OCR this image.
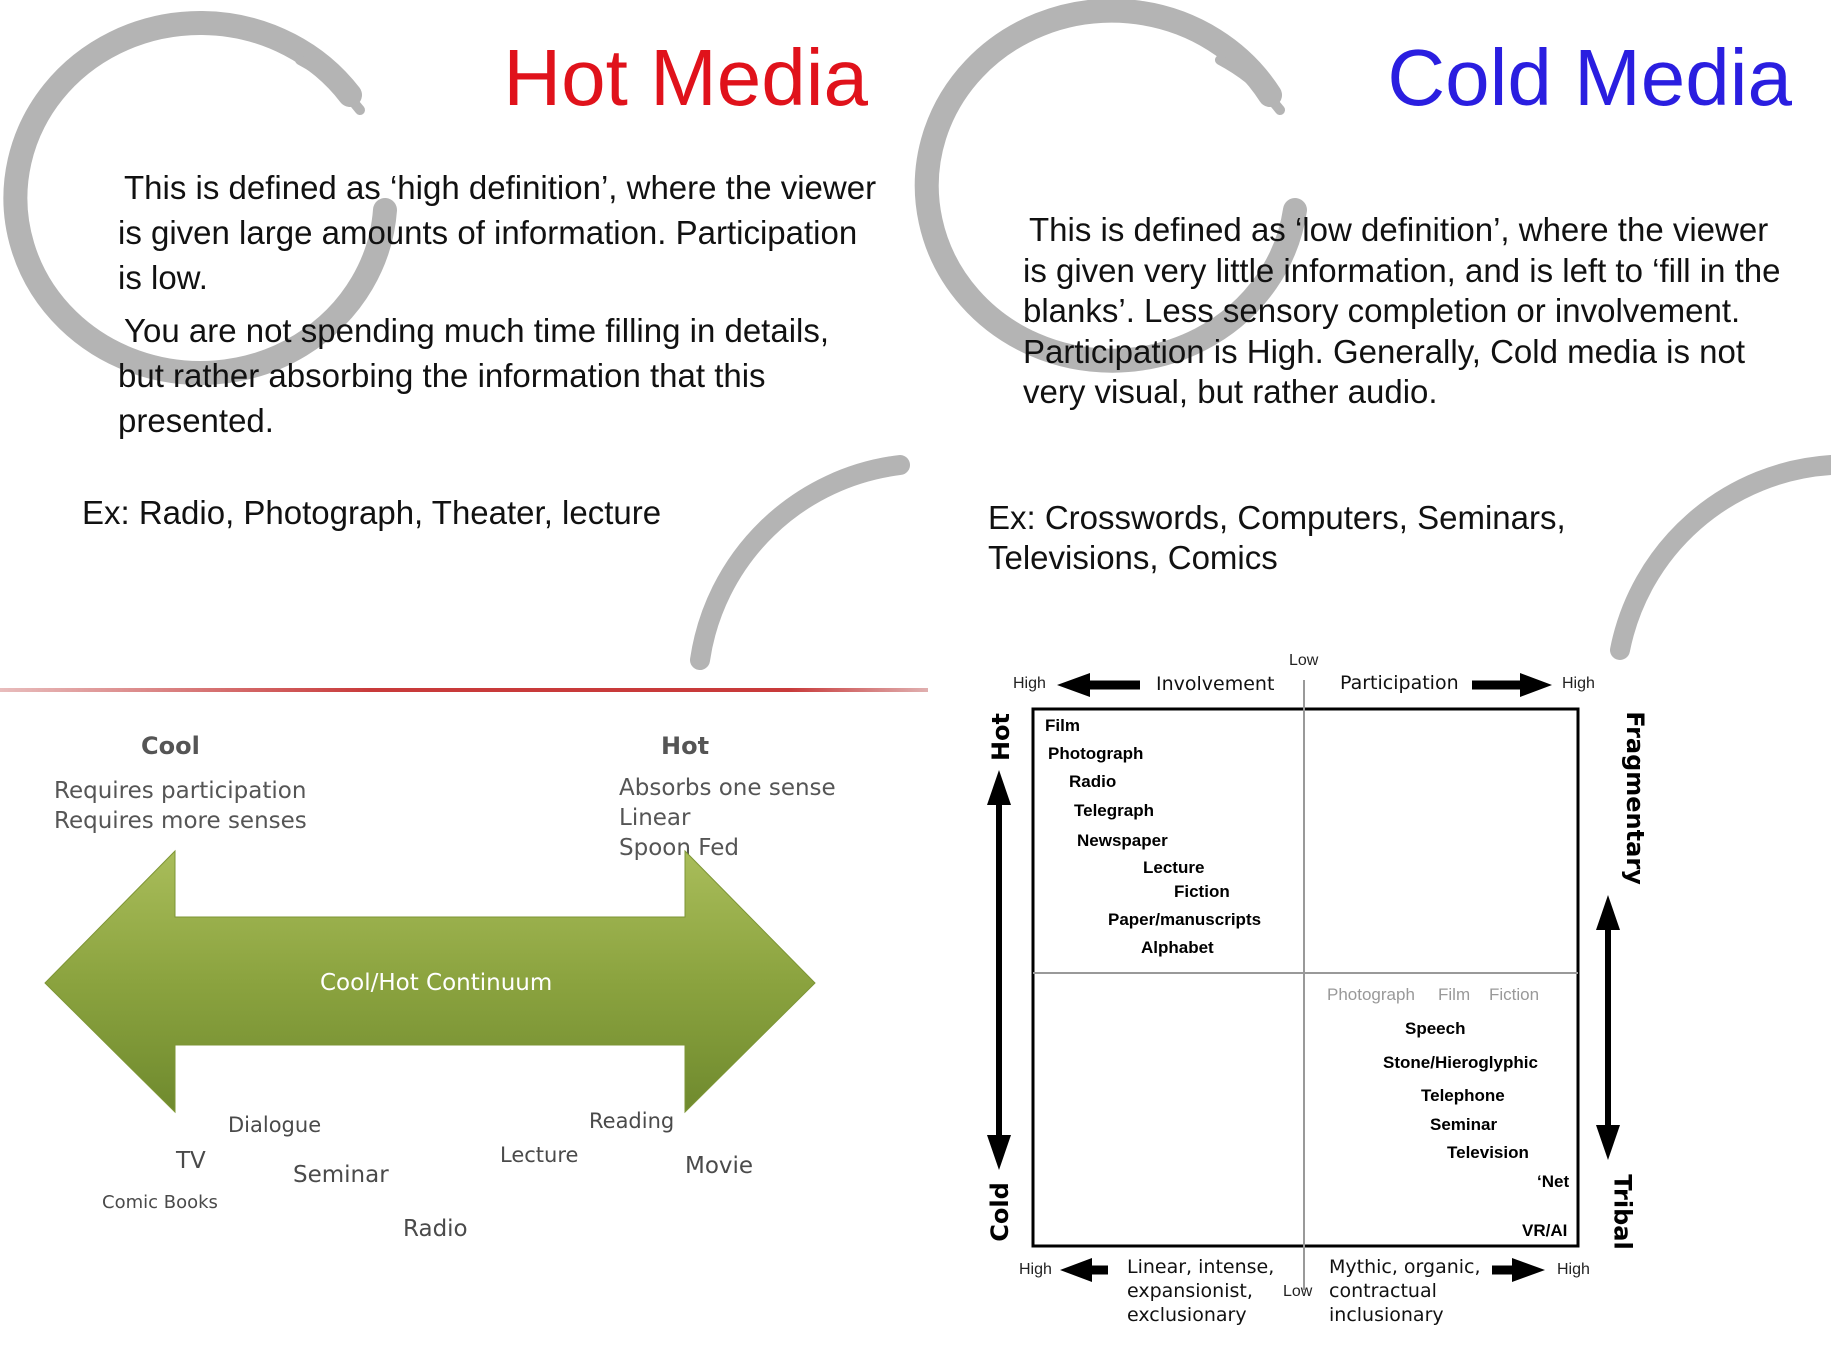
Hot Media

This is defined as ‘high definition’, where the viewer is given large amounts of information. Participation is low.

You are not spending much time filling in details, but rather absorbing the information that this presented.

Ex: Radio, Photograph, Theater, lecture
Cold Media
This is defined as ‘low definition’, where the viewer is given very little information, and is left to ‘fill in the blanks’. Less sensory completion or involvement. Participation is High. Generally, Cold media is not very visual, but rather audio.
Ex: Crosswords, Computers, Seminars, Televisions, Comics
Cool
Requires participation
Requires more senses
Hot
Absorbs one sense
Linear
Spoon Fed
Cool/Hot Continuum
TV
Comic Books
Dialogue
Seminar
Radio
Lecture
Reading
Movie
High	Involvement
Low
Participation	High
Hot
Cold
Fragmentary
Tribal
Film
Photograph
Radio
Telegraph
Newspaper
Lecture
Fiction
Paper/manuscripts
Alphabet
Photograph Film Fiction
Speech
Stone/Hieroglyphic
Telephone
Seminar
Television
‘Net
VR/AI
High	Linear, intense,
expansionist,
exclusionary
Low
Mythic, organic,
contractual
inclusionary
High
